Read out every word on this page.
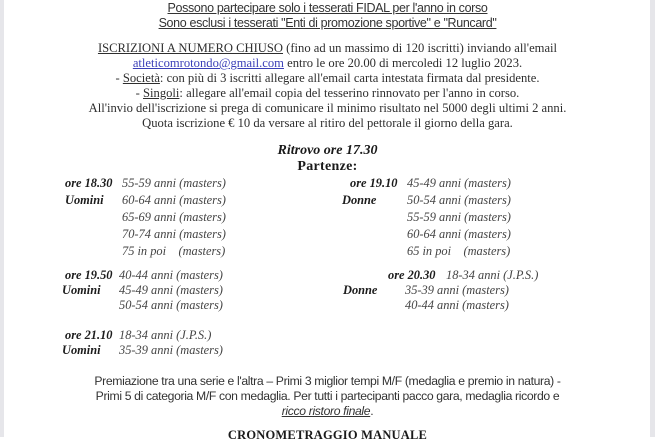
Possono partecipare solo i tesserati FIDAL per l'anno in corso
Sono esclusi i tesserati "Enti di promozione sportive" e "Runcard"
ISCRIZIONI A NUMERO CHIUSO (fino ad un massimo di 120 iscritti) inviando all'email
atleticomrotondo@gmail.com entro le ore 20.00 di mercoledi 12 luglio 2023.
- Società: con più di 3 iscritti allegare all'email carta intestata firmata dal presidente.
- Singoli: allegare all'email copia del tesserino rinnovato per l'anno in corso.
All'invio dell'iscrizione si prega di comunicare il minimo risultato nel 5000 degli ultimi 2 anni.
Quota iscrizione € 10 da versare al ritiro del pettorale il giorno della gara.
Ritrovo ore 17.30
Partenze:
ore 18.30
Uomini
55-59 anni (masters)
60-64 anni (masters)
65-69 anni (masters)
70-74 anni (masters)
75 in poi    (masters)
ore 19.10
Donne
45-49 anni (masters)
50-54 anni (masters)
55-59 anni (masters)
60-64 anni (masters)
65 in poi    (masters)
ore 19.50
Uomini
40-44 anni (masters)
45-49 anni (masters)
50-54 anni (masters)
ore 20.30
Donne
18-34 anni (J.P.S.)
35-39 anni (masters)
40-44 anni (masters)
ore 21.10
Uomini
18-34 anni (J.P.S.)
35-39 anni (masters)
Premiazione tra una serie e l'altra – Primi 3 miglior tempi M/F (medaglia e premio in natura) -
Primi 5 di categoria M/F con medaglia. Per tutti i partecipanti pacco gara, medaglia ricordo e
ricco ristoro finale.
CRONOMETRAGGIO MANUALE
